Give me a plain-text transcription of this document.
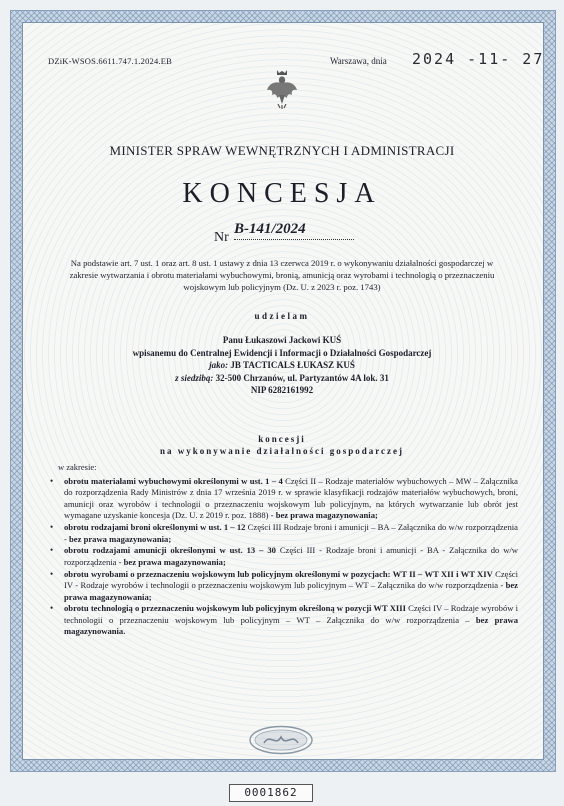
DZiK-WSOS.6611.747.1.2024.EB	Warszawa, dnia 2024 -11- 27
MINISTER SPRAW WEWNĘTRZNYCH I ADMINISTRACJI
KONCESJA
Nr
B-141/2024
Na podstawie art. 7 ust. 1 oraz art. 8 ust. 1 ustawy z dnia 13 czerwca 2019 r. o wykonywaniu działalności gospodarczej w zakresie wytwarzania i obrotu materiałami wybuchowymi, bronią, amunicją oraz wyrobami i technologią o przeznaczeniu wojskowym lub policyjnym (Dz. U. z 2023 r. poz. 1743)
udzielam
Panu Łukaszowi Jackowi KUŚ
wpisanemu do Centralnej Ewidencji i Informacji o Działalności Gospodarczej
jako: JB TACTICALS ŁUKASZ KUŚ
z siedzibą: 32-500 Chrzanów, ul. Partyzantów 4A lok. 31
NIP 6282161992
koncesji
na wykonywanie działalności gospodarczej
w zakresie:
• obrotu materiałami wybuchowymi określonymi w ust. 1 – 4 Części II – Rodzaje materiałów wybuchowych – MW – Załącznika do rozporządzenia Rady Ministrów z dnia 17 września 2019 r. w sprawie klasyfikacji rodzajów materiałów wybuchowych, broni, amunicji oraz wyrobów i technologii o przeznaczeniu wojskowym lub policyjnym, na których wytwarzanie lub obrót jest wymagane uzyskanie koncesja (Dz. U. z 2019 r. poz. 1888) - bez prawa magazynowania;
• obrotu rodzajami broni określonymi w ust. 1 – 12 Części III Rodzaje broni i amunicji – BA – Załącznika do w/w rozporządzenia - bez prawa magazynowania;
• obrotu rodzajami amunicji określonymi w ust. 13 – 30 Części III - Rodzaje broni i amunicji - BA - Załącznika do w/w rozporządzenia - bez prawa magazynowania;
• obrotu wyrobami o przeznaczeniu wojskowym lub policyjnym określonymi w pozycjach: WT II – WT XII i WT XIV Części IV - Rodzaje wyrobów i technologii o przeznaczeniu wojskowym lub policyjnym – WT – Załącznika do w/w rozporządzenia - bez prawa magazynowania;
• obrotu technologią o przeznaczeniu wojskowym lub policyjnym określoną w pozycji WT XIII Części IV – Rodzaje wyrobów i technologii o przeznaczeniu wojskowym lub policyjnym – WT – Załącznika do w/w rozporządzenia – bez prawa magazynowania.
0001862
